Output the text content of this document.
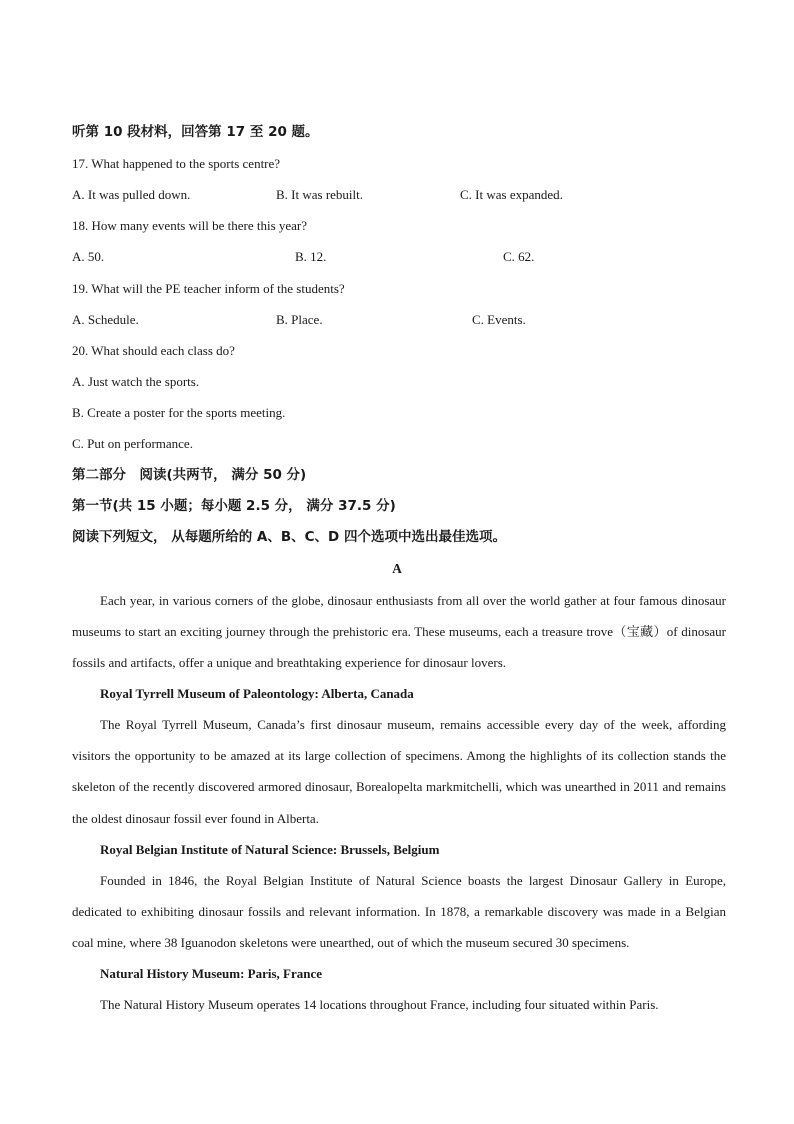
听第 10 段材料，回答第 17 至 20 题。
17. What happened to the sports centre?
A. It was pulled down.	B. It was rebuilt.	C. It was expanded.
18. How many events will be there this year?
A. 50.	B. 12.	C. 62.
19. What will the PE teacher inform of the students?
A. Schedule.	B. Place.	C. Events.
20. What should each class do?
A. Just watch the sports.
B. Create a poster for the sports meeting.
C. Put on performance.
第二部分　阅读(共两节， 满分 50 分)
第一节(共 15 小题；每小题 2.5 分， 满分 37.5 分)
阅读下列短文， 从每题所给的 A、B、C、D 四个选项中选出最佳选项。
A

Each year, in various corners of the globe, dinosaur enthusiasts from all over the world gather at four famous dinosaur museums to start an exciting journey through the prehistoric era. These museums, each a treasure trove（宝藏）of dinosaur fossils and artifacts, offer a unique and breathtaking experience for dinosaur lovers.

Royal Tyrrell Museum of Paleontology: Alberta, Canada

The Royal Tyrrell Museum, Canada’s first dinosaur museum, remains accessible every day of the week, affording visitors the opportunity to be amazed at its large collection of specimens. Among the highlights of its collection stands the skeleton of the recently discovered armored dinosaur, Borealopelta markmitchelli, which was unearthed in 2011 and remains the oldest dinosaur fossil ever found in Alberta.

Royal Belgian Institute of Natural Science: Brussels, Belgium

Founded in 1846, the Royal Belgian Institute of Natural Science boasts the largest Dinosaur Gallery in Europe, dedicated to exhibiting dinosaur fossils and relevant information. In 1878, a remarkable discovery was made in a Belgian coal mine, where 38 Iguanodon skeletons were unearthed, out of which the museum secured 30 specimens.

Natural History Museum: Paris, France

The Natural History Museum operates 14 locations throughout France, including four situated within Paris.
